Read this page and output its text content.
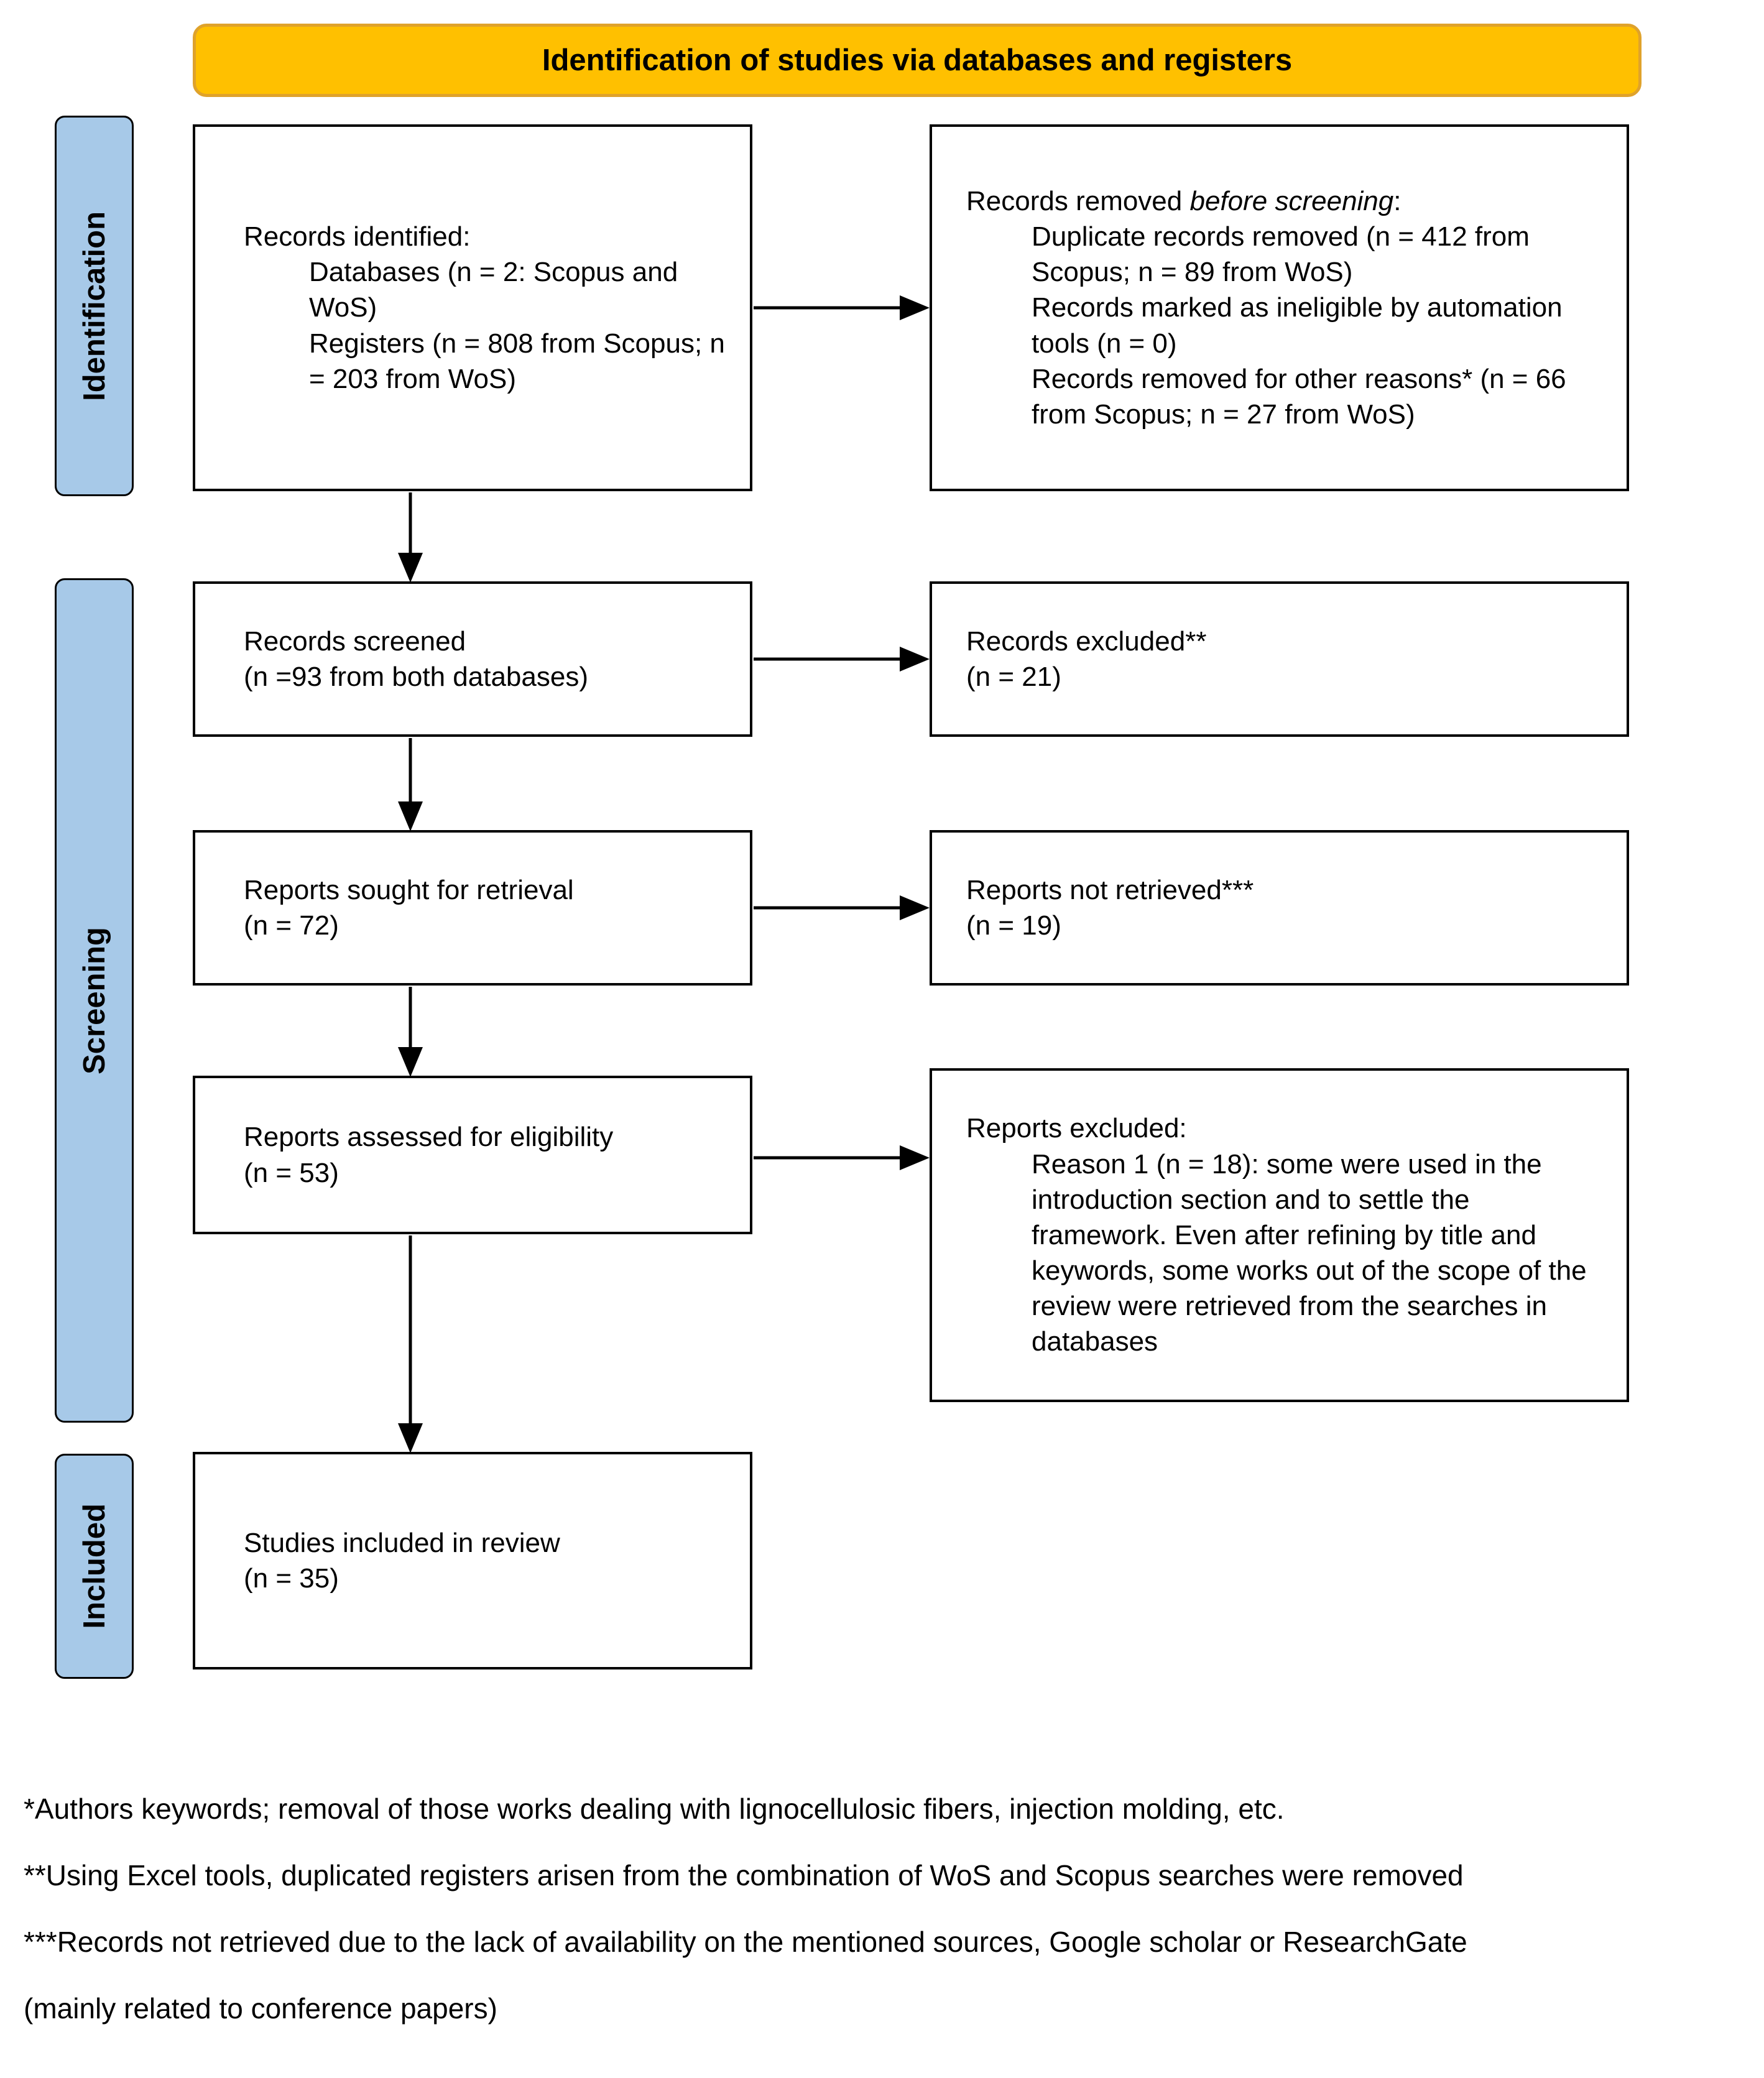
Identification of studies via databases and registers
Identification
Screening
Included
Records identified:
Databases (n = 2: Scopus and WoS)
Registers (n = 808 from Scopus; n = 203 from WoS)
Records removed before screening:
Duplicate records removed (n = 412 from Scopus; n = 89 from WoS)
Records marked as ineligible by automation tools (n = 0)
Records removed for other reasons* (n = 66 from Scopus; n = 27 from WoS)
Records screened
(n =93 from both databases)
Records excluded**
(n = 21)
Reports sought for retrieval
(n = 72)
Reports not retrieved***
(n = 19)
Reports assessed for eligibility
(n = 53)
Reports excluded:
Reason 1 (n = 18): some were used in the introduction section and to settle the framework. Even after refining by title and keywords, some works out of the scope of the review were retrieved from the searches in databases
Studies included in review
(n = 35)

*Authors keywords; removal of those works dealing with lignocellulosic fibers, injection molding, etc.

**Using Excel tools, duplicated registers arisen from the combination of WoS and Scopus searches were removed

***Records not retrieved due to the lack of availability on the mentioned sources, Google scholar or ResearchGate

(mainly related to conference papers)
